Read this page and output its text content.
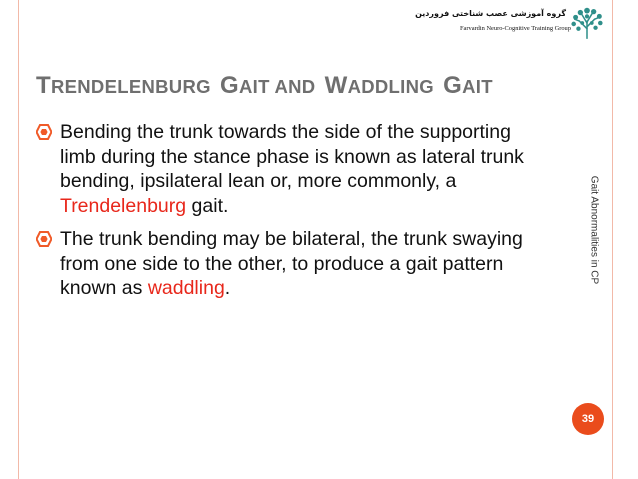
گروه آموزشی عصب شناختی فروردین
Farvardin Neuro-Cognitive Training Group
TRENDELENBURG GAIT AND WADDLING GAIT
Bending the trunk towards the side of the supporting limb during the stance phase is known as lateral trunk bending, ipsilateral lean or, more commonly, a Trendelenburg gait.
The trunk bending may be bilateral, the trunk swaying from one side to the other, to produce a gait pattern known as waddling.
Gait Abnormalities in CP
39
